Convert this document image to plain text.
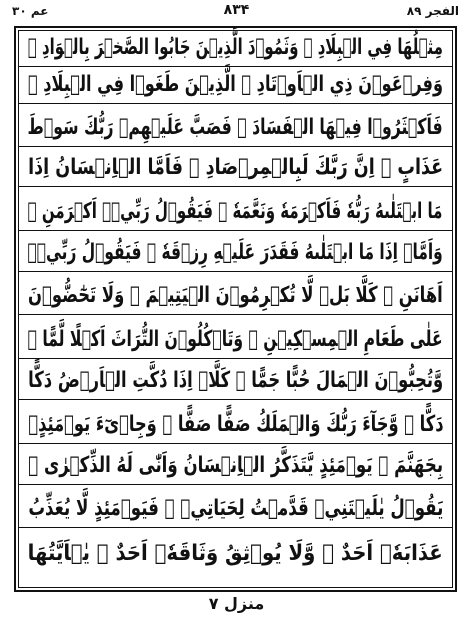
عم ۳۰	۸۳۴	الفجر ۸۹
مِثۡلُهَا فِي الۡبِلَادِ ۝ وَثَمُوۡدَ الَّذِيۡنَ جَابُوا الصَّخۡرَ بِالۡوَادِ ۝
وَفِرۡعَوۡنَ ذِي الۡاَوۡتَادِ ۝ الَّذِيۡنَ طَغَوۡا فِي الۡبِلَادِ ۝
فَاَكۡثَرُوۡا فِيۡهَا الۡفَسَادَ ۝ فَصَبَّ عَلَيۡهِمۡ رَبُّكَ سَوۡطَ
عَذَابٍ ۝ اِنَّ رَبَّكَ لَبِالۡمِرۡصَادِ ۝ فَاَمَّا الۡاِنۡسَانُ اِذَا
مَا ابۡتَلٰىهُ رَبُّهٗ فَاَكۡرَمَهٗ وَنَعَّمَهٗ ۙ فَيَقُوۡلُ رَبِّيۡۤ اَكۡرَمَنِ ۝
وَاَمَّاۤ اِذَا مَا ابۡتَلٰىهُ فَقَدَرَ عَلَيۡهِ رِزۡقَهٗ ۙ فَيَقُوۡلُ رَبِّيۡۤ
اَهَانَنِ ۝ كَلَّا بَلۡ لَّا تُكۡرِمُوۡنَ الۡيَتِيۡمَ ۝ وَلَا تَحٰٓضُّوۡنَ
عَلٰى طَعَامِ الۡمِسۡكِيۡنِ ۝ وَتَاۡكُلُوۡنَ التُّرَاثَ اَكۡلًا لَّمًّا ۝
وَّتُحِبُّوۡنَ الۡمَالَ حُبًّا جَمًّا ۝ كَلَّاۤ اِذَا دُكَّتِ الۡاَرۡضُ دَكًّا
دَكًّا ۝ وَّجَآءَ رَبُّكَ وَالۡمَلَكُ صَفًّا صَفًّا ۝ وَجِاۡىٓءَ يَوۡمَئِذٍۢ
بِجَهَنَّمَ ۙ يَوۡمَئِذٍ يَّتَذَكَّرُ الۡاِنۡسَانُ وَاَنّٰى لَهُ الذِّكۡرٰى ۝
يَقُوۡلُ يٰلَيۡتَنِيۡ قَدَّمۡتُ لِحَيَاتِيۡ ۝ فَيَوۡمَئِذٍ لَّا يُعَذِّبُ
عَذَابَهٗۤ اَحَدٌ ۝ وَّلَا يُوۡثِقُ وَثَاقَهٗۤ اَحَدٌ ۝ يٰۤاَيَّتُهَا
منزل ۷
